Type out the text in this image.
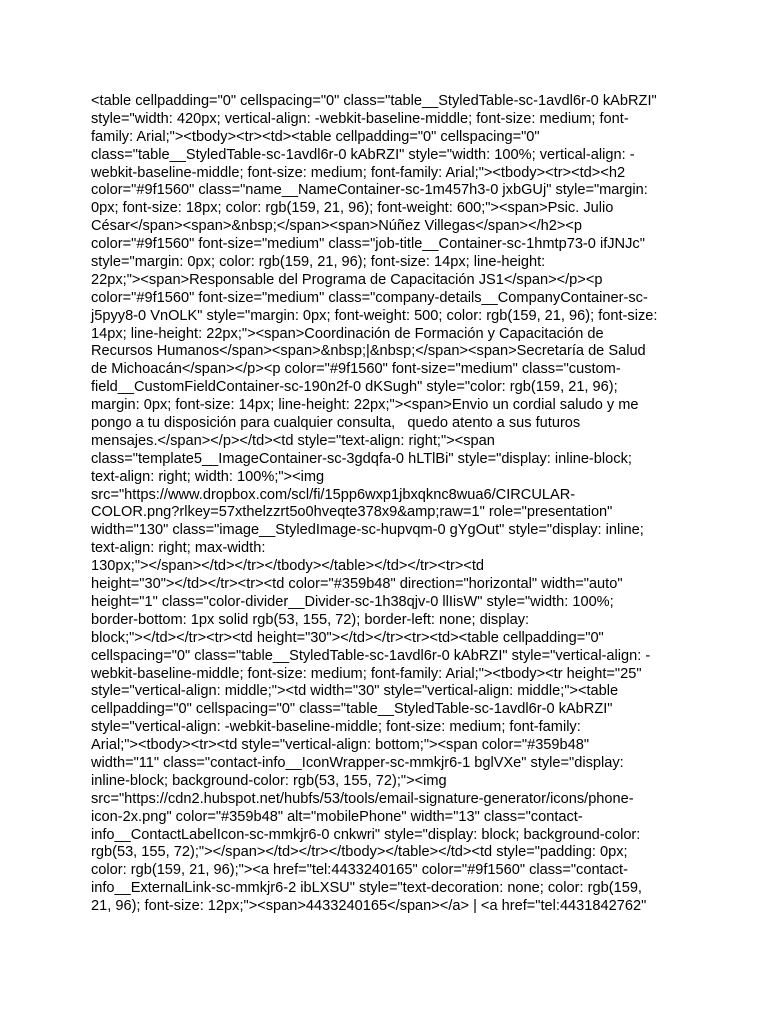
<table cellpadding="0" cellspacing="0" class="table__StyledTable-sc-1avdl6r-0 kAbRZI"
style="width: 420px; vertical-align: -webkit-baseline-middle; font-size: medium; font-
family: Arial;"><tbody><tr><td><table cellpadding="0" cellspacing="0"
class="table__StyledTable-sc-1avdl6r-0 kAbRZI" style="width: 100%; vertical-align: -
webkit-baseline-middle; font-size: medium; font-family: Arial;"><tbody><tr><td><h2
color="#9f1560" class="name__NameContainer-sc-1m457h3-0 jxbGUj" style="margin:
0px; font-size: 18px; color: rgb(159, 21, 96); font-weight: 600;"><span>Psic. Julio
César</span><span>&nbsp;</span><span>Núñez Villegas</span></h2><p
color="#9f1560" font-size="medium" class="job-title__Container-sc-1hmtp73-0 ifJNJc"
style="margin: 0px; color: rgb(159, 21, 96); font-size: 14px; line-height:
22px;"><span>Responsable del Programa de Capacitación JS1</span></p><p
color="#9f1560" font-size="medium" class="company-details__CompanyContainer-sc-
j5pyy8-0 VnOLK" style="margin: 0px; font-weight: 500; color: rgb(159, 21, 96); font-size:
14px; line-height: 22px;"><span>Coordinación de Formación y Capacitación de
Recursos Humanos</span><span>&nbsp;|&nbsp;</span><span>Secretaría de Salud
de Michoacán</span></p><p color="#9f1560" font-size="medium" class="custom-
field__CustomFieldContainer-sc-190n2f-0 dKSugh" style="color: rgb(159, 21, 96);
margin: 0px; font-size: 14px; line-height: 22px;"><span>Envio un cordial saludo y me
pongo a tu disposición para cualquier consulta,   quedo atento a sus futuros
mensajes.</span></p></td><td style="text-align: right;"><span
class="template5__ImageContainer-sc-3gdqfa-0 hLTlBi" style="display: inline-block;
text-align: right; width: 100%;"><img
src="https://www.dropbox.com/scl/fi/15pp6wxp1jbxqknc8wua6/CIRCULAR-
COLOR.png?rlkey=57xthelzzrt5o0hveqte378x9&amp;raw=1" role="presentation"
width="130" class="image__StyledImage-sc-hupvqm-0 gYgOut" style="display: inline;
text-align: right; max-width:
130px;"></span></td></tr></tbody></table></td></tr><tr><td
height="30"></td></tr><tr><td color="#359b48" direction="horizontal" width="auto"
height="1" class="color-divider__Divider-sc-1h38qjv-0 llIisW" style="width: 100%;
border-bottom: 1px solid rgb(53, 155, 72); border-left: none; display:
block;"></td></tr><tr><td height="30"></td></tr><tr><td><table cellpadding="0"
cellspacing="0" class="table__StyledTable-sc-1avdl6r-0 kAbRZI" style="vertical-align: -
webkit-baseline-middle; font-size: medium; font-family: Arial;"><tbody><tr height="25"
style="vertical-align: middle;"><td width="30" style="vertical-align: middle;"><table
cellpadding="0" cellspacing="0" class="table__StyledTable-sc-1avdl6r-0 kAbRZI"
style="vertical-align: -webkit-baseline-middle; font-size: medium; font-family:
Arial;"><tbody><tr><td style="vertical-align: bottom;"><span color="#359b48"
width="11" class="contact-info__IconWrapper-sc-mmkjr6-1 bglVXe" style="display:
inline-block; background-color: rgb(53, 155, 72);"><img
src="https://cdn2.hubspot.net/hubfs/53/tools/email-signature-generator/icons/phone-
icon-2x.png" color="#359b48" alt="mobilePhone" width="13" class="contact-
info__ContactLabelIcon-sc-mmkjr6-0 cnkwri" style="display: block; background-color:
rgb(53, 155, 72);"></span></td></tr></tbody></table></td><td style="padding: 0px;
color: rgb(159, 21, 96);"><a href="tel:4433240165" color="#9f1560" class="contact-
info__ExternalLink-sc-mmkjr6-2 ibLXSU" style="text-decoration: none; color: rgb(159,
21, 96); font-size: 12px;"><span>4433240165</span></a> | <a href="tel:4431842762"
